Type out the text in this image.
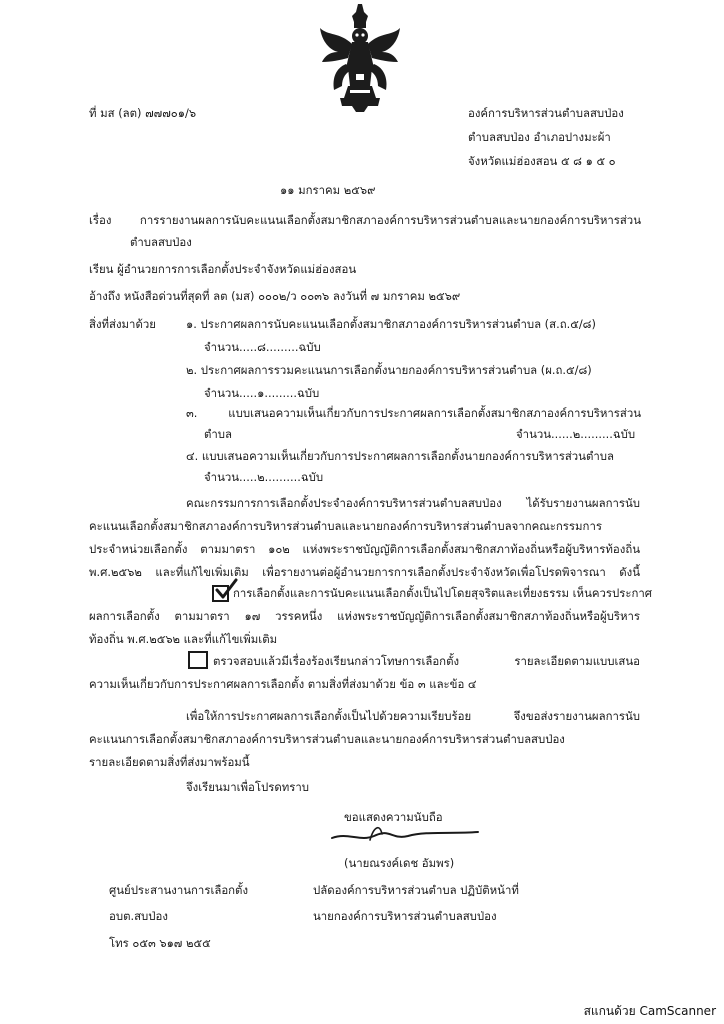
ที่ มส (ลต) ๗๗๗๐๑/๖	องค์การบริหารส่วนตำบลสบป่อง
ตำบลสบป่อง อำเภอปางมะผ้า
จังหวัดแม่ฮ่องสอน ๕ ๘ ๑ ๕ ๐
๑๑ มกราคม ๒๕๖๙
เรื่อง การรายงานผลการนับคะแนนเลือกตั้งสมาชิกสภาองค์การบริหารส่วนตำบลและนายกองค์การบริหารส่วน
ตำบลสบป่อง
เรียน ผู้อำนวยการการเลือกตั้งประจำจังหวัดแม่ฮ่องสอน
อ้างถึง หนังสือด่วนที่สุดที่ ลต (มส) ๐๐๐๒/ว ๐๐๓๖ ลงวันที่ ๗ มกราคม ๒๕๖๙
สิ่งที่ส่งมาด้วย	๑. ประกาศผลการนับคะแนนเลือกตั้งสมาชิกสภาองค์การบริหารส่วนตำบล (ส.ถ.๕/๘)
จำนวน.....๘.........ฉบับ
๒. ประกาศผลการรวมคะแนนการเลือกตั้งนายกองค์การบริหารส่วนตำบล (ผ.ถ.๕/๘)
จำนวน.....๑.........ฉบับ
๓. แบบเสนอความเห็นเกี่ยวกับการประกาศผลการเลือกตั้งสมาชิกสภาองค์การบริหารส่วน
ตำบล	จำนวน......๒.........ฉบับ
๔. แบบเสนอความเห็นเกี่ยวกับการประกาศผลการเลือกตั้งนายกองค์การบริหารส่วนตำบล
จำนวน.....๒..........ฉบับ
คณะกรรมการการเลือกตั้งประจำองค์การบริหารส่วนตำบลสบป่อง ได้รับรายงานผลการนับ
คะแนนเลือกตั้งสมาชิกสภาองค์การบริหารส่วนตำบลและนายกองค์การบริหารส่วนตำบลจากคณะกรรมการ
ประจำหน่วยเลือกตั้ง ตามมาตรา ๑๐๒ แห่งพระราชบัญญัติการเลือกตั้งสมาชิกสภาท้องถิ่นหรือผู้บริหารท้องถิ่น
พ.ศ.๒๕๖๒ และที่แก้ไขเพิ่มเติม เพื่อรายงานต่อผู้อำนวยการการเลือกตั้งประจำจังหวัดเพื่อโปรดพิจารณา ดังนี้
การเลือกตั้งและการนับคะแนนเลือกตั้งเป็นไปโดยสุจริตและเที่ยงธรรม เห็นควรประกาศ
ผลการเลือกตั้ง ตามมาตรา ๑๗ วรรคหนึ่ง แห่งพระราชบัญญัติการเลือกตั้งสมาชิกสภาท้องถิ่นหรือผู้บริหาร
ท้องถิ่น พ.ศ.๒๕๖๒ และที่แก้ไขเพิ่มเติม
ตรวจสอบแล้วมีเรื่องร้องเรียนกล่าวโทษการเลือกตั้ง รายละเอียดตามแบบเสนอ
ความเห็นเกี่ยวกับการประกาศผลการเลือกตั้ง ตามสิ่งที่ส่งมาด้วย ข้อ ๓ และข้อ ๔
เพื่อให้การประกาศผลการเลือกตั้งเป็นไปด้วยความเรียบร้อย จึงขอส่งรายงานผลการนับ
คะแนนการเลือกตั้งสมาชิกสภาองค์การบริหารส่วนตำบลและนายกองค์การบริหารส่วนตำบลสบป่อง
รายละเอียดตามสิ่งที่ส่งมาพร้อมนี้
จึงเรียนมาเพื่อโปรดทราบ
ขอแสดงความนับถือ
(นายณรงค์เดช อัมพร)
ปลัดองค์การบริหารส่วนตำบล ปฏิบัติหน้าที่
นายกองค์การบริหารส่วนตำบลสบป่อง
ศูนย์ประสานงานการเลือกตั้ง
อบต.สบป่อง
โทร ๐๕๓ ๖๑๗ ๒๕๕
สแกนด้วย CamScanner
